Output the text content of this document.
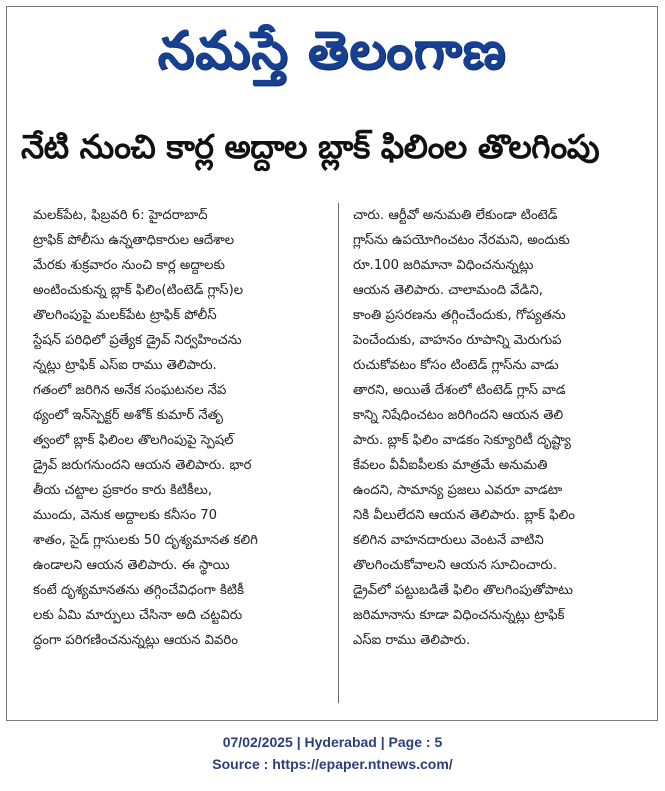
నమస్తే తెలంగాణ
నేటి నుంచి కార్ల అద్దాల బ్లాక్ ఫిలింల తొలగింపు
మలక్‌పేట, ఫిబ్రవరి 6: హైదరాబాద్
ట్రాఫిక్ పోలీసు ఉన్నతాధికారుల ఆదేశాల
మేరకు శుక్రవారం నుంచి కార్ల అద్దాలకు
అంటించుకున్న బ్లాక్ ఫిలిం(టింటెడ్ గ్లాస్)ల
తొలగింపుపై మలక్‌పేట ట్రాఫిక్ పోలీస్
స్టేషన్ పరిధిలో ప్రత్యేక డ్రైవ్ నిర్వహించను
న్నట్లు ట్రాఫిక్ ఎస్ఐ రాము తెలిపారు.
గతంలో జరిగిన అనేక సంఘటనల నేప
థ్యంలో ఇన్‌స్పెక్టర్ అశోక్ కుమార్ నేతృ
త్వంలో బ్లాక్ ఫిలింల తొలగింపుపై స్పెషల్
డ్రైవ్ జరుగనుందని ఆయన తెలిపారు. భార
తీయ చట్టాల ప్రకారం కారు కిటికీలు,
ముందు, వెనుక అద్దాలకు కనీసం 70
శాతం, సైడ్ గ్లాసులకు 50 దృశ్యమానత కలిగి
ఉండాలని ఆయన తెలిపారు. ఈ స్థాయి
కంటే దృశ్యమానతను తగ్గించేవిధంగా కిటికీ
లకు ఏమి మార్పులు చేసినా అది చట్టవిరు
ద్ధంగా పరిగణించనున్నట్లు ఆయన వివరిం
చారు. ఆర్టీవో అనుమతి లేకుండా టింటెడ్
గ్లాస్‌ను ఉపయోగించటం నేరమని, అందుకు
రూ.100 జరిమానా విధించనున్నట్లు
ఆయన తెలిపారు. చాలామంది వేడిని,
కాంతి ప్రసరణను తగ్గించేందుకు, గోప్యతను
పెంచేందుకు, వాహనం రూపాన్ని మెరుగుప
రుచుకోవటం కోసం టింటెడ్ గ్లాస్‌ను వాడు
తారని, అయితే దేశంలో టింటెడ్ గ్లాస్ వాడ
కాన్ని నిషేధించటం జరిగిందని ఆయన తెలి
పారు. బ్లాక్ ఫిలిం వాడకం సెక్యూరిటీ దృష్ట్యా
కేవలం వీవీఐపీలకు మాత్రమే అనుమతి
ఉందని, సామాన్య ప్రజలు ఎవరూ వాడటా
నికి వీలులేదని ఆయన తెలిపారు. బ్లాక్ ఫిలిం
కలిగిన వాహనదారులు వెంటనే వాటిని
తొలగించుకోవాలని ఆయన సూచించారు.
డ్రైవ్‌లో పట్టుబడితే ఫిలిం తొలగింపుతోపాటు
జరిమానాను కూడా విధించనున్నట్లు ట్రాఫిక్
ఎస్ఐ రాము తెలిపారు.
07/02/2025 | Hyderabad | Page : 5
Source : https://epaper.ntnews.com/
